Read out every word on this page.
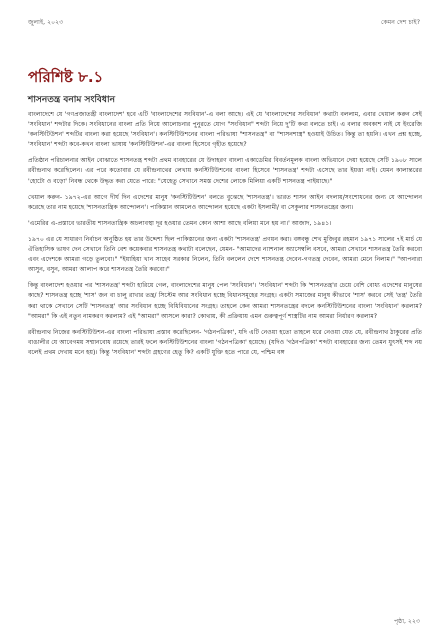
জুলাই, ২০২৩	কেমন দেশ চাই?
পরিশিষ্ট ৮.১
শাসনতন্ত্র বনাম সংবিধান

বাংলাদেশে যে 'গণপ্রজাতন্ত্রী বাংলাদেশ' হবে এটি 'বাংলাদেশের সংবিধান'-এ বলা আছে। এই যে 'বাংলাদেশের সংবিধান' কথাটা বললাম, এবার খেয়াল করুন সেই 'সংবিধান' শব্দটার দিকে। সংবিধানের বাংলা প্রতি নিয়ে আলোচনার পুনুরতে যোগ "সংবিধান" শব্দটা নিয়ে দু'টি কথা বলতে চাই। এ বলার অবকাশ নাই যে ইংরেজি 'কনস্টিটিউশন' শব্দটির বাংলা করা হয়েছে 'সংবিধান'। কনস্টিটিউশনের বাংলা পরিভাষা "শাসনতন্ত্র" বা "শাসনশাস্ত্র" হওয়াই উচিত। কিন্তু তা হয়নি। এখন প্রশ্ন হচ্ছে, 'সংবিধান' শব্দটা কবে-কখন বাংলা ভাষায় 'কনস্টিটিউশন'-এর বাংলা হিসেবে গৃহীত হয়েছে?

প্রতিষ্ঠান পরিচালনার আইন বোঝাতে শাসনতন্ত্র শব্দটা প্রথম ব্যবহারের যে উদাহরণ বাংলা একাডেমির বিবর্তনমূলক বাংলা অভিধানে দেয়া হয়েছে সেটি ১৯০৮ সালে রবীন্দ্রনাথ করেছিলেন। এর পরে কতোবার যে রবীন্দ্রনাথের লেখায় কনস্টিটিউশনের বাংলা হিসেবে 'শাসনতন্ত্র' শব্দটা এসেছে তার ইয়ত্তা নাই। যেমন কালান্তরের 'হোটো ও বড়ো' নিবন্ধ থেকে উদ্ধৃত করা যেতে পারে: "যেহেতু সেখানে সমস্ত দেশের লোকে মিলিয়া একটি শাসনতন্ত্র পাইয়াছে।"

খেয়াল করুন- ১৯৭২-এর আগে দীর্ঘ দিন এদেশের মানুষ 'কনস্টিটিউশন' বলতে বুঝেছে 'শাসনতন্ত্র'। ভারত শাসন আইন বদলায়/সংশোধনের জন্য যে আন্দোলন করেছে তার নাম হয়েছে 'শাসনতান্ত্রিক আন্দোলন'। পাকিস্তান আমলেও আন্দোলন হয়েছে একটা ইসলামী/ বা সেকুলার শাসনতন্ত্রের জন্য।

'এমেরির এ-প্রস্তাবে ভারতীয় শাসনতান্ত্রিক অচলাবস্থা দূর হওয়ার তেমন কোন আশা আছে বলিয়া মনে হয় না।' আজাদ, ১৯৪১।

১৯৭০ এর যে সাধারণ নির্বাচন অনুষ্ঠিত হয় তার উদ্দেশ্য ছিল পাকিস্তানের জন্য একটা 'শাসনতন্ত্র' প্রণয়ন করা। বঙ্গবন্ধু শেখ মুজিবুর রহমান ১৯৭১ সালের ৭ই মার্চ যে ঐতিহাসিক ভাষণ দেন সেখানে তিনি বেশ কয়েকবার শাসনতন্ত্র কথাটা বলেছেন, যেমন- "আমাদের ন্যাশনাল অ্যাসেম্বলি বসবে, আমরা সেখানে শাসনতন্ত্র তৈরি করবো এবং এদেশকে আমরা গড়ে তুলবো।" "ইয়াহিয়া খান সাহেব সরকার নিলেন, তিনি বললেন দেশে শাসনতন্ত্র দেবেন-গণতন্ত্র দেবেন, আমরা মেনে নিলাম।" "আপনারা আসুন, বসুন, আমরা আলাপ করে শাসনতন্ত্র তৈরি করবো।"

কিন্তু বাংলাদেশ হওয়ার পর 'শাসনতন্ত্র' শব্দটা হারিয়ে গেল, বাংলাদেশের মানুষ পেল 'সংবিধান'। 'সংবিধান' শব্দটা কি 'শাসনতন্ত্র'র চেয়ে বেশি বোধ্য এদেশের মানুষের কাছে? শাসনতন্ত্র হচ্ছে 'শাস' জন বা চালু রাখার তন্ত্র/ সিস্টেম আর সংবিধান হচ্ছে বিধানসমূহের সংগ্রহ। একটা সমাজের মানুষ কীভাবে 'শাস' করবে সেই 'তন্ত্র' তৈরি করা থাকে সেখানে সেটি 'শাসনতন্ত্র' আর সংবিধান হচ্ছে বিধিবিধানের সংগ্রহ। তাহলে কেন আমরা শাসনতন্ত্রের বদলে কনস্টিটিউশনের বাংলা 'সংবিধান' করলাম? "আমরা" কি এই নতুন নামকরণ করলাম? এই "আমরা" আসলে কারা? কোথায়, কী প্রক্রিয়ায় এমন গুরুত্বপূর্ণ শাস্ত্রটির নাম আমরা নির্ধারণ করলাম?

রবীন্দ্রনাথ নিজের কনস্টিটিউশন-এর বাংলা পরিভাষা প্রস্তাব করেছিলেন- 'গঠনপত্রিকা', যদি এটি নেওয়া হতো তাহলে ধরে নেওয়া যেত যে, রবীন্দ্রনাথ ঠাকুরের প্রতি বাঙালীর যে আবেগময় সম্মানবোধ রয়েছে তারই ফলে কনস্টিটিউশনের বাংলা 'গঠনপত্রিকা' হয়েছে। (যদিও 'গঠনপত্রিকা' শব্দটা ব্যবহারের জন্য তেমন যুৎসই শব্দ নয় বলেই প্রথম দেখায় মনে হয়)। কিন্তু 'সংবিধান' শব্দটা গ্রহণের হেতু কি? একটি যুক্তি হতে পারে যে, পশ্চিম বঙ্গ

পৃষ্ঠা, ২২৩
